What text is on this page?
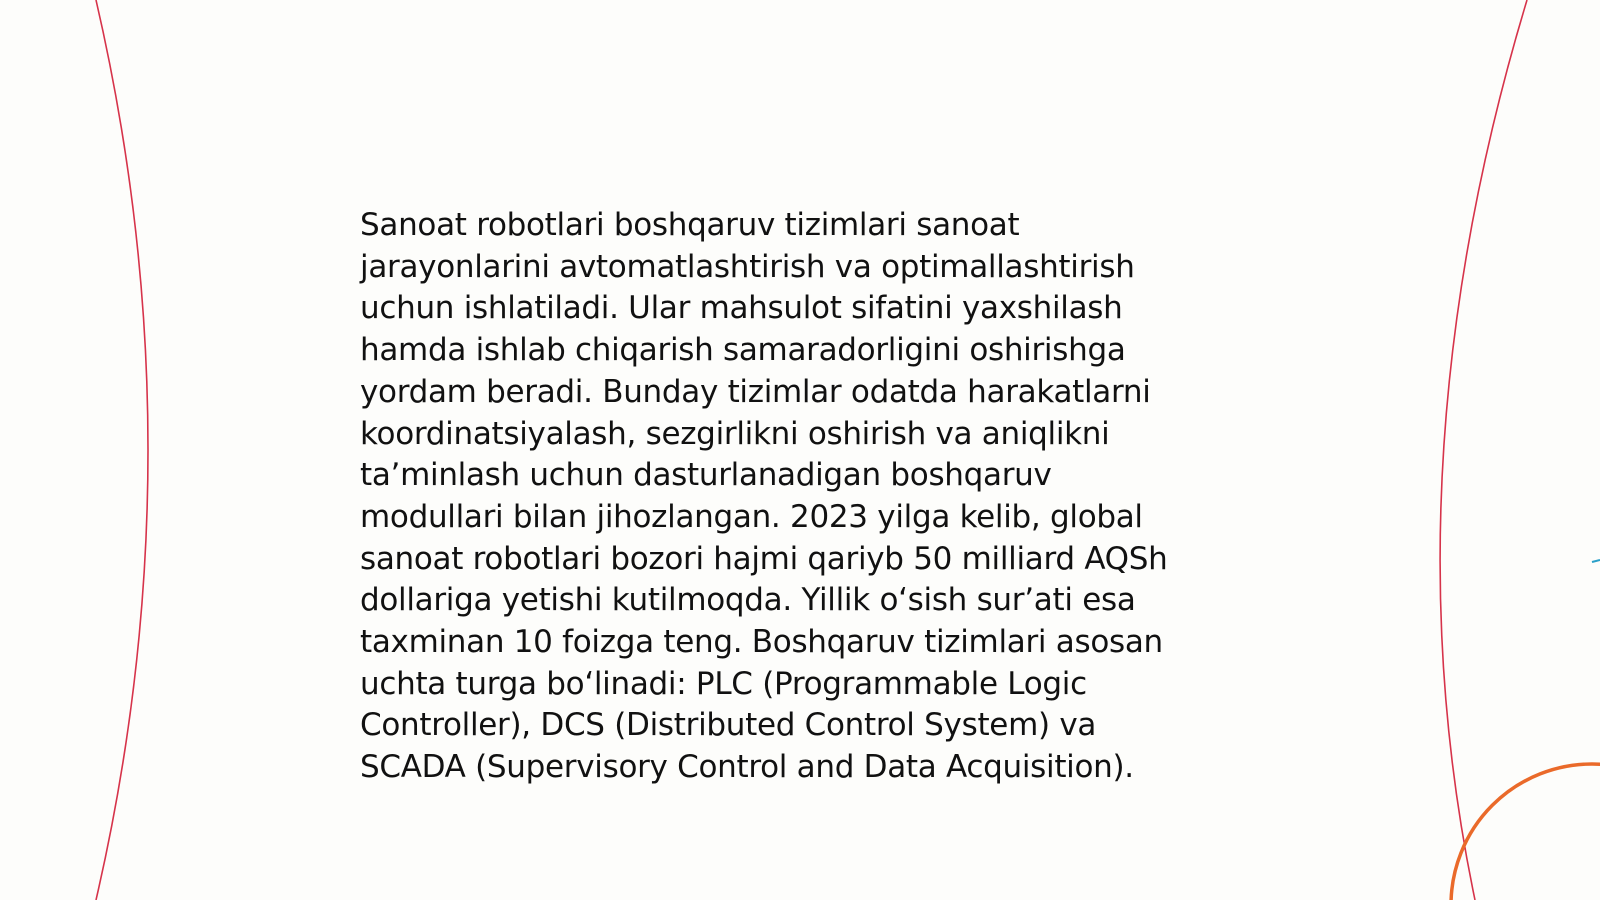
Sanoat robotlari boshqaruv tizimlari sanoat
jarayonlarini avtomatlashtirish va optimallashtirish
uchun ishlatiladi. Ular mahsulot sifatini yaxshilash
hamda ishlab chiqarish samaradorligini oshirishga
yordam beradi. Bunday tizimlar odatda harakatlarni
koordinatsiyalash, sezgirlikni oshirish va aniqlikni
ta’minlash uchun dasturlanadigan boshqaruv
modullari bilan jihozlangan. 2023 yilga kelib, global
sanoat robotlari bozori hajmi qariyb 50 milliard AQSh
dollariga yetishi kutilmoqda. Yillik o‘sish sur’ati esa
taxminan 10 foizga teng. Boshqaruv tizimlari asosan
uchta turga bo‘linadi: PLC (Programmable Logic
Controller), DCS (Distributed Control System) va
SCADA (Supervisory Control and Data Acquisition).
